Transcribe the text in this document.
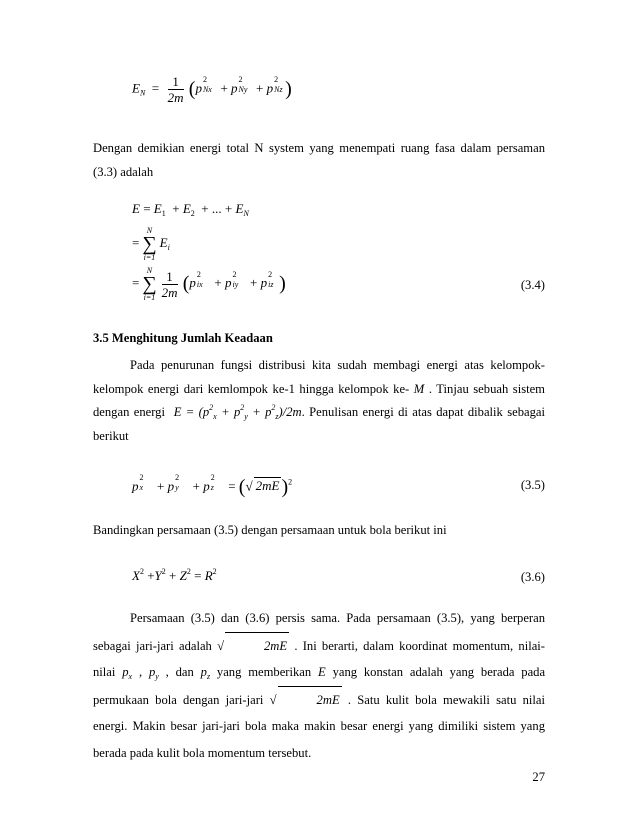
$E_N = \frac{1}{2m} (p$
2
Nx + p
2
Ny + p
2
Nz )
Dengan demikian energi total N system yang menempati ruang fasa dalam persaman (3.3) adalah
$E = E_1 + E_2$  + ... + $E_N$
=
N
∑
i=1
$E_i$
=
N
∑
$i=1 \frac{1}{2m} (p$
2
ix + p
2
iy + p
2
iz )	(3.4)
3.5 Menghitung Jumlah Keadaan
Pada penurunan fungsi distribusi kita sudah membagi energi atas kelompok-kelompok energi dari kemlompok ke-1 hingga kelompok ke- M . Tinjau sebuah sistem dengan energi $E = (p^2_x + p^2_y + p^2_z)/2m$. Penulisan energi di atas dapat dibalik sebagai berikut
p
2
x + p
2
y + p
2
z = (√ 2mE )$^2$	(3.5)
Bandingkan persamaan (3.5) dengan persamaan untuk bola berikut ini
$X^2 +Y^2 + Z^2 = R^2$	(3.6)
Persamaan (3.5) dan (3.6) persis sama. Pada persamaan (3.5), yang berperan sebagai jari-jari adalah √	2mE . Ini berarti, dalam koordinat momentum, nilai-nilai $p_x$ , $p_y$ , dan $p_z$ yang memberikan E yang konstan adalah yang berada pada permukaan bola dengan jari-jari √	2mE . Satu kulit bola mewakili satu nilai energi. Makin besar jari-jari bola maka makin besar energi yang dimiliki sistem yang berada pada kulit bola momentum tersebut.
27
